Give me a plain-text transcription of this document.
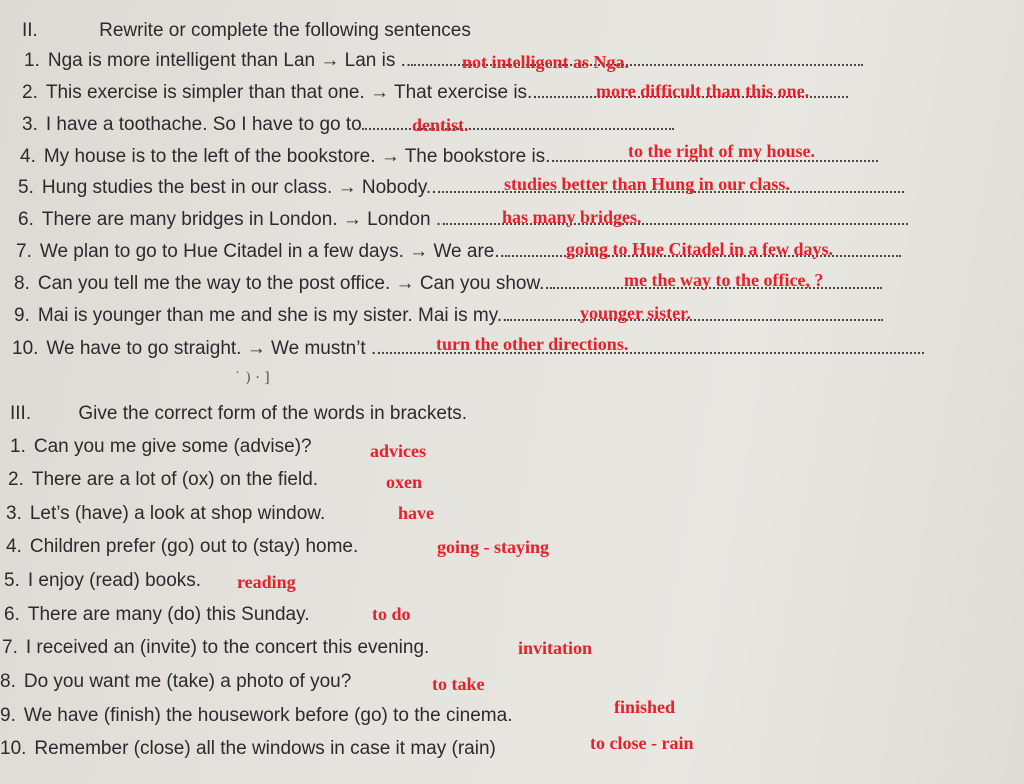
II.	Rewrite or complete the following sentences
1. Nga is more intelligent than Lan → Lan is ..	not intelligent as Nga.
2. This exercise is simpler than that one. → That exercise is..	more difficult than this one.
3. I have a toothache. So I have to go to	dentist.
4. My house is to the left of the bookstore. → The bookstore is..	to the right of my house.
5. Hung studies the best in our class. → Nobody...	studies better than Hung in our class.
6. There are many bridges in London. → London ..	has many bridges.
7. We plan to go to Hue Citadel in a few days. → We are..	going to Hue Citadel in a few days.
8. Can you tell me the way to the post office. → Can you show..	me the way to the office, ?
9. Mai is younger than me and she is my sister. Mai is my..	younger sister.
10. We have to go straight. → We mustn’t ..	turn the other directions.
˙ ) · ]
III. Give the correct form of the words in brackets.
1. Can you me give some (advise)?	advices
2. There are a lot of (ox) on the field.	oxen
3. Let’s (have) a look at shop window.	have
4. Children prefer (go) out to (stay) home.	going - staying
5. I enjoy (read) books. reading
6. There are many (do) this Sunday.	to do
7. I received an (invite) to the concert this evening.	invitation
8. Do you want me (take) a photo of you?	to take
9. We have (finish) the housework before (go) to the cinema.	finished
10. Remember (close) all the windows in case it may (rain)	to close - rain
